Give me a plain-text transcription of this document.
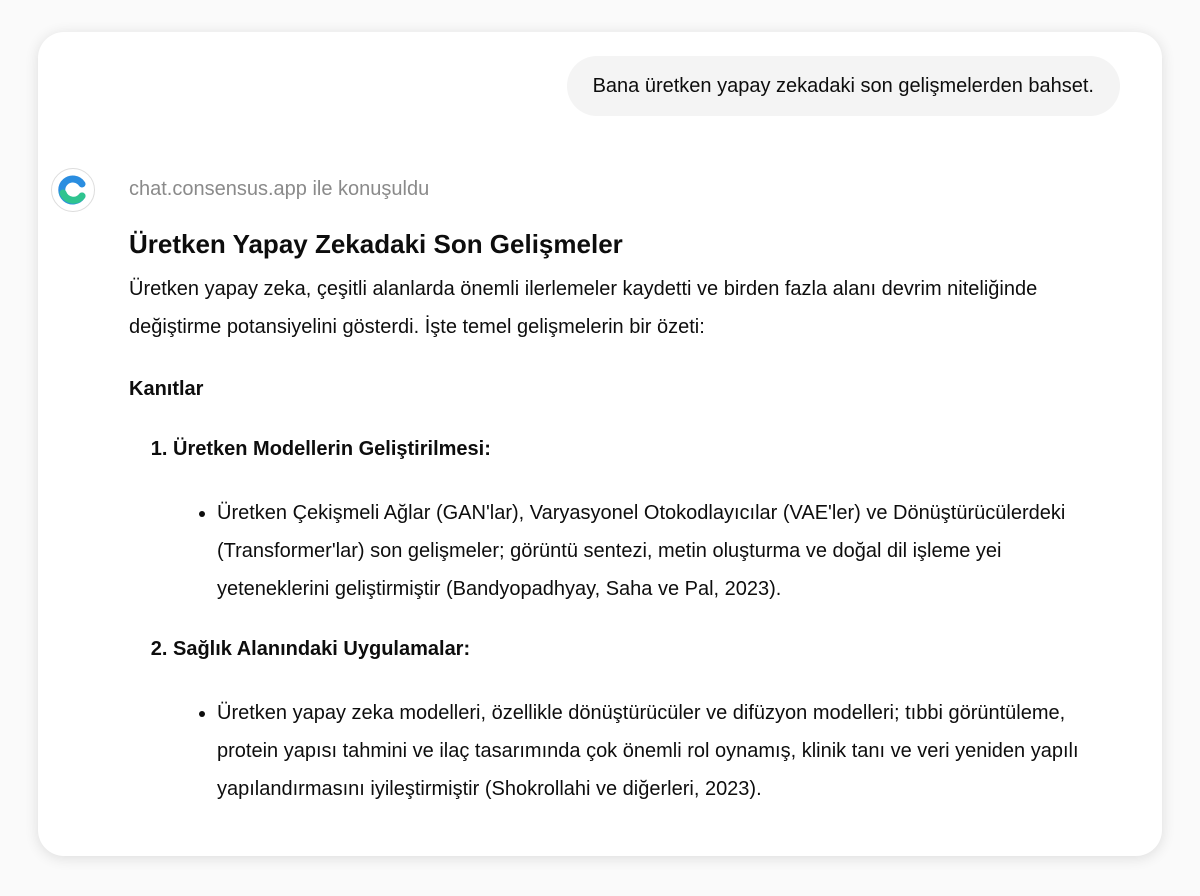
Bana üretken yapay zekadaki son gelişmelerden bahset.
chat.consensus.app ile konuşuldu
Üretken Yapay Zekadaki Son Gelişmeler

Üretken yapay zeka, çeşitli alanlarda önemli ilerlemeler kaydetti ve birden fazla alanı devrim niteliğinde değiştirme potansiyelini gösterdi. İşte temel gelişmelerin bir özeti:

Kanıtlar

1. Üretken Modellerin Geliştirilmesi:
• Üretken Çekişmeli Ağlar (GAN'lar), Varyasyonel Otokodlayıcılar (VAE'ler) ve Dönüştürücülerdeki (Transformer'lar) son gelişmeler; görüntü sentezi, metin oluşturma ve doğal dil işleme yei yeteneklerini geliştirmiştir (Bandyopadhyay, Saha ve Pal, 2023).
2. Sağlık Alanındaki Uygulamalar:
• Üretken yapay zeka modelleri, özellikle dönüştürücüler ve difüzyon modelleri; tıbbi görüntüleme, protein yapısı tahmini ve ilaç tasarımında çok önemli rol oynamış, klinik tanı ve veri yeniden yapılı yapılandırmasını iyileştirmiştir (Shokrollahi ve diğerleri, 2023).
